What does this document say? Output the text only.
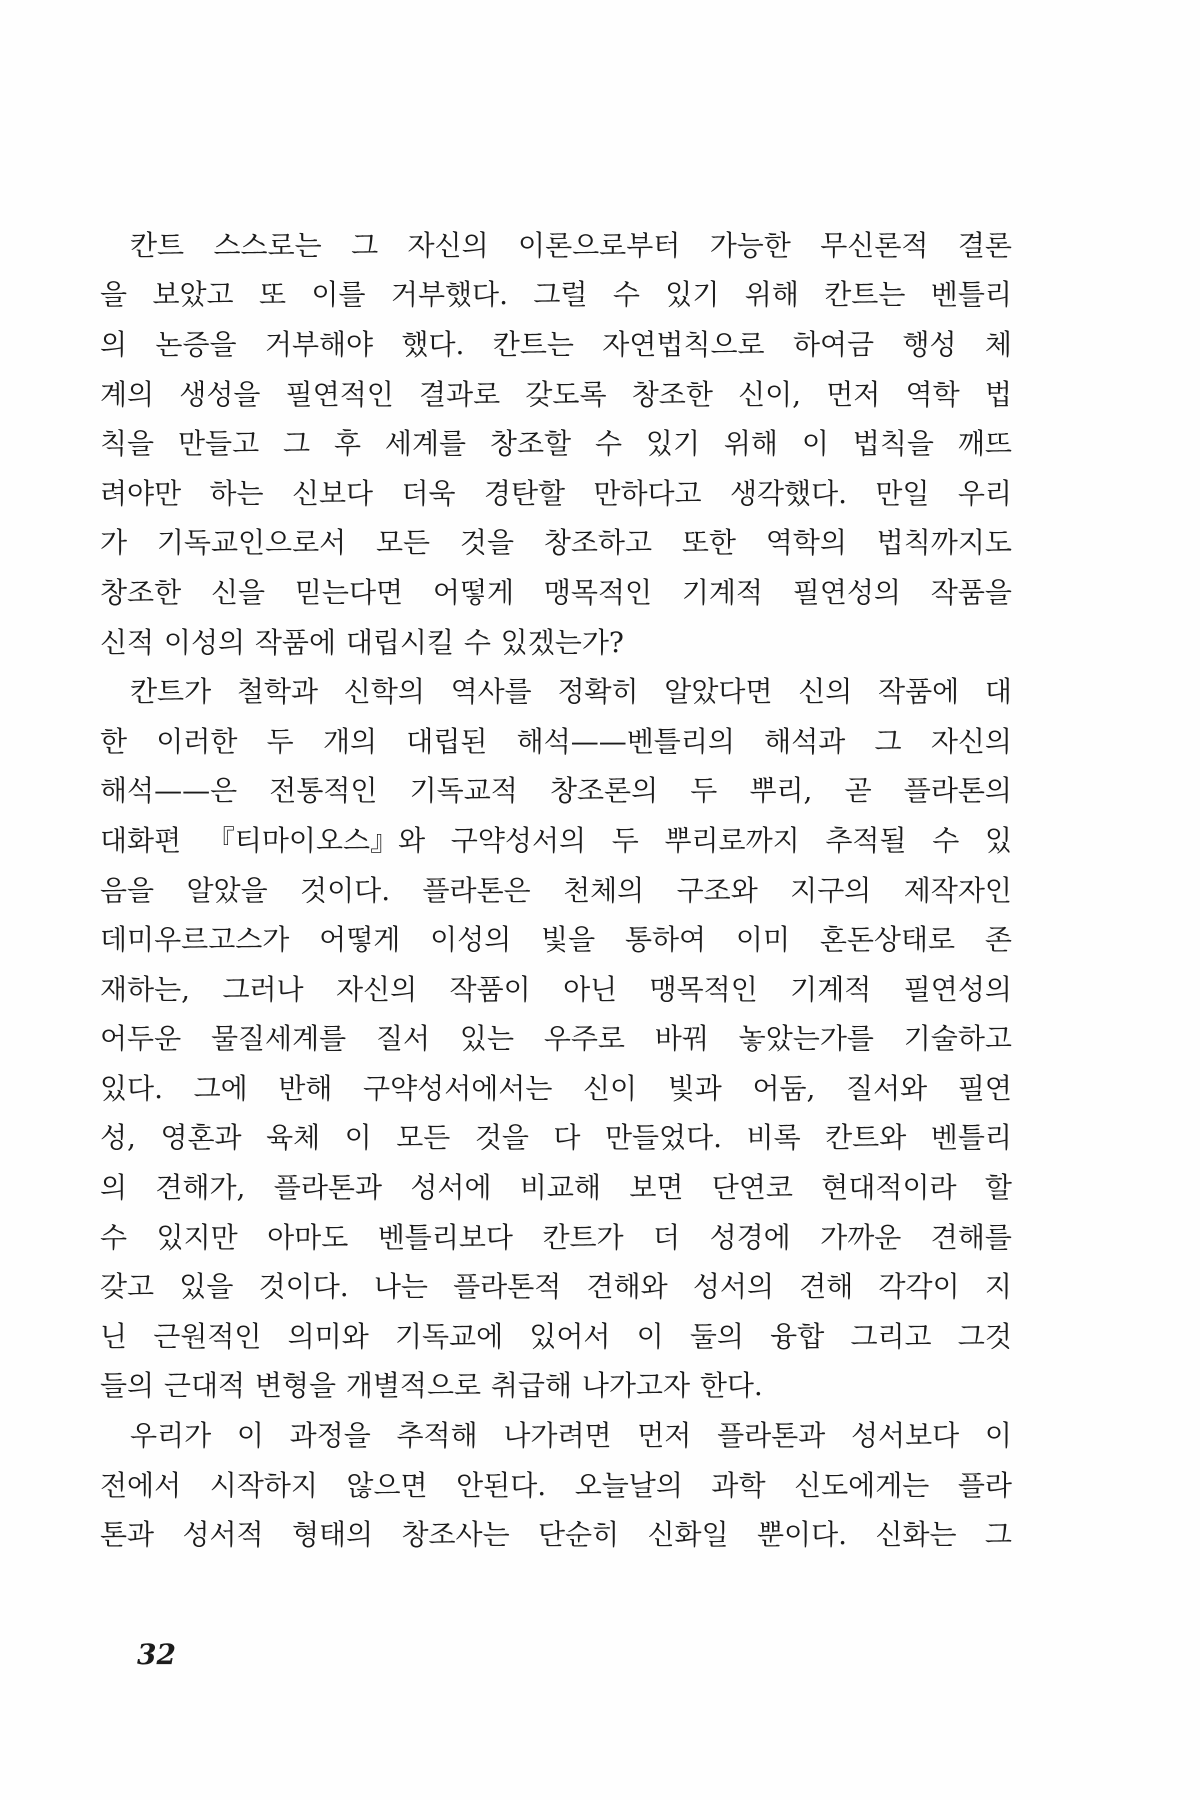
칸트 스스로는 그 자신의 이론으로부터 가능한 무신론적 결론
을 보았고 또 이를 거부했다. 그럴 수 있기 위해 칸트는 벤틀리
의 논증을 거부해야 했다. 칸트는 자연법칙으로 하여금 행성 체
계의 생성을 필연적인 결과로 갖도록 창조한 신이, 먼저 역학 법
칙을 만들고 그 후 세계를 창조할 수 있기 위해 이 법칙을 깨뜨
려야만 하는 신보다 더욱 경탄할 만하다고 생각했다. 만일 우리
가 기독교인으로서 모든 것을 창조하고 또한 역학의 법칙까지도
창조한 신을 믿는다면 어떻게 맹목적인 기계적 필연성의 작품을
신적 이성의 작품에 대립시킬 수 있겠는가?
칸트가 철학과 신학의 역사를 정확히 알았다면 신의 작품에 대
한 이러한 두 개의 대립된 해석——벤틀리의 해석과 그 자신의
해석——은 전통적인 기독교적 창조론의 두 뿌리, 곧 플라톤의
대화편 『티마이오스』와 구약성서의 두 뿌리로까지 추적될 수 있
음을 알았을 것이다. 플라톤은 천체의 구조와 지구의 제작자인
데미우르고스가 어떻게 이성의 빛을 통하여 이미 혼돈상태로 존
재하는, 그러나 자신의 작품이 아닌 맹목적인 기계적 필연성의
어두운 물질세계를 질서 있는 우주로 바꿔 놓았는가를 기술하고
있다. 그에 반해 구약성서에서는 신이 빛과 어둠, 질서와 필연
성, 영혼과 육체 이 모든 것을 다 만들었다. 비록 칸트와 벤틀리
의 견해가, 플라톤과 성서에 비교해 보면 단연코 현대적이라 할
수 있지만 아마도 벤틀리보다 칸트가 더 성경에 가까운 견해를
갖고 있을 것이다. 나는 플라톤적 견해와 성서의 견해 각각이 지
닌 근원적인 의미와 기독교에 있어서 이 둘의 융합 그리고 그것
들의 근대적 변형을 개별적으로 취급해 나가고자 한다.
우리가 이 과정을 추적해 나가려면 먼저 플라톤과 성서보다 이
전에서 시작하지 않으면 안된다. 오늘날의 과학 신도에게는 플라
톤과 성서적 형태의 창조사는 단순히 신화일 뿐이다. 신화는 그
32
